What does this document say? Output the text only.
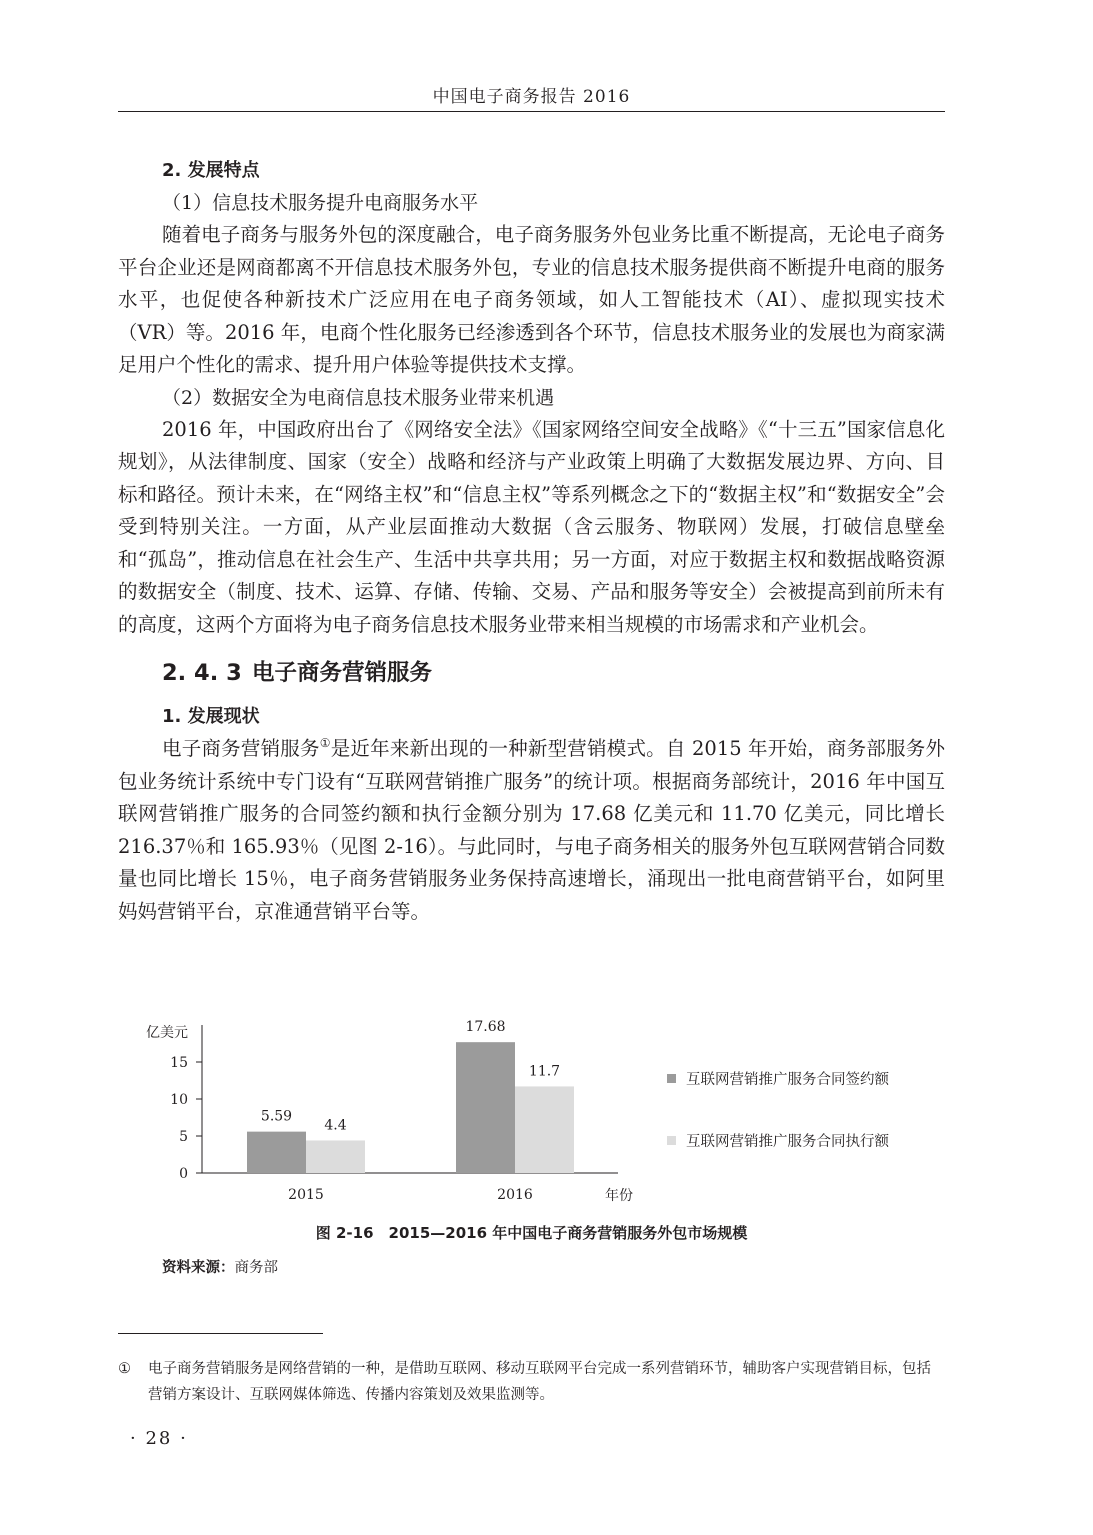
中国电子商务报告 2016
2. 发展特点
（1）信息技术服务提升电商服务水平

随着电子商务与服务外包的深度融合，电子商务服务外包业务比重不断提高，无论电子商务平台企业还是网商都离不开信息技术服务外包，专业的信息技术服务提供商不断提升电商的服务水平，也促使各种新技术广泛应用在电子商务领域，如人工智能技术（AI）、虚拟现实技术（VR）等。2016 年，电商个性化服务已经渗透到各个环节，信息技术服务业的发展也为商家满足用户个性化的需求、提升用户体验等提供技术支撑。

（2）数据安全为电商信息技术服务业带来机遇

2016 年，中国政府出台了《网络安全法》《国家网络空间安全战略》《“十三五”国家信息化规划》，从法律制度、国家（安全）战略和经济与产业政策上明确了大数据发展边界、方向、目标和路径。预计未来，在“网络主权”和“信息主权”等系列概念之下的“数据主权”和“数据安全”会受到特别关注。一方面，从产业层面推动大数据（含云服务、物联网）发展，打破信息壁垒和“孤岛”，推动信息在社会生产、生活中共享共用；另一方面，对应于数据主权和数据战略资源的数据安全（制度、技术、运算、存储、传输、交易、产品和服务等安全）会被提高到前所未有的高度，这两个方面将为电子商务信息技术服务业带来相当规模的市场需求和产业机会。

2. 4. 3 电子商务营销服务
1. 发展现状

电子商务营销服务①是近年来新出现的一种新型营销模式。自 2015 年开始，商务部服务外包业务统计系统中专门设有“互联网营销推广服务”的统计项。根据商务部统计，2016 年中国互联网营销推广服务的合同签约额和执行金额分别为 17.68 亿美元和 11.70 亿美元，同比增长 216.37％和 165.93％（见图 2-16）。与此同时，与电子商务相关的服务外包互联网营销合同数量也同比增长 15％，电子商务营销服务业务保持高速增长，涌现出一批电商营销平台，如阿里妈妈营销平台，京准通营销平台等。

亿美元
0
5
10
15
5.59
4.4
2015
17.68
11.7
2016	年份
互联网营销推广服务合同签约额
互联网营销推广服务合同执行额
图 2-16　2015—2016 年中国电子商务营销服务外包市场规模
资料来源：商务部
① 电子商务营销服务是网络营销的一种，是借助互联网、移动互联网平台完成一系列营销环节，辅助客户实现营销目标，包括营销方案设计、互联网媒体筛选、传播内容策划及效果监测等。
· 28 ·
